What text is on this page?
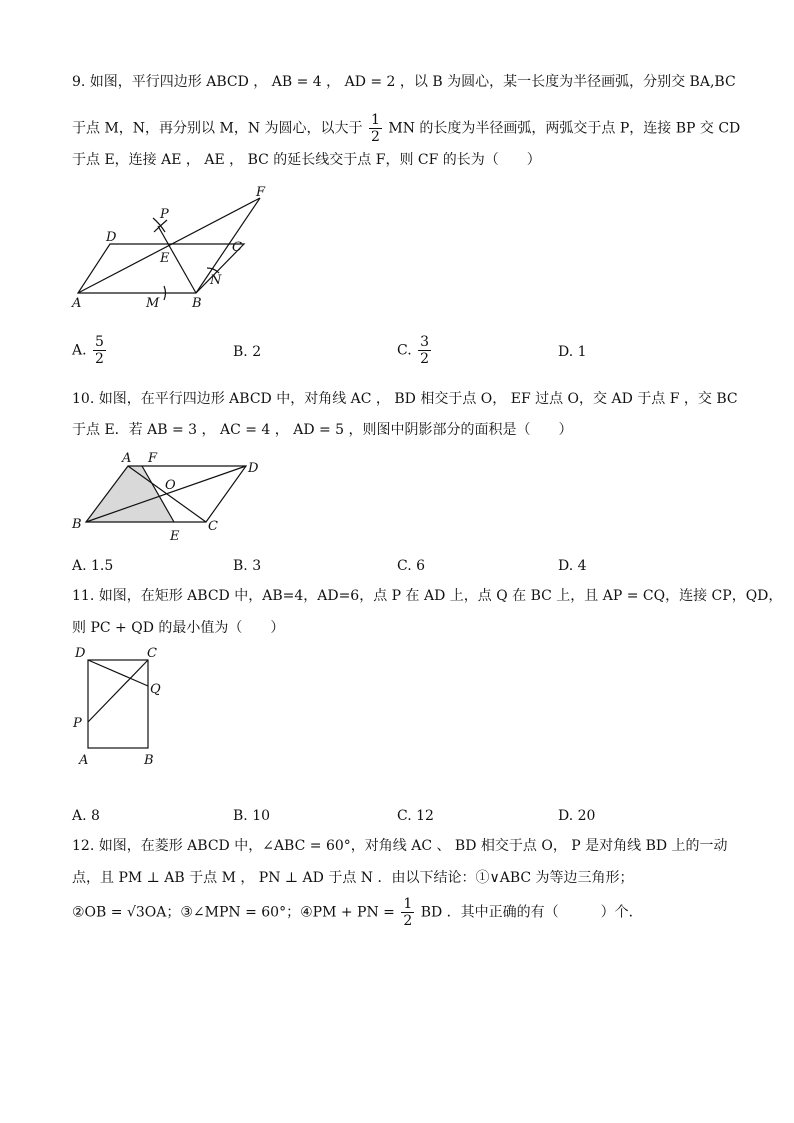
9. 如图，平行四边形 ABCD ， AB = 4 ， AD = 2 ，以 B 为圆心，某一长度为半径画弧，分别交 BA,BC
于点 M，N，再分别以 M，N 为圆心，以大于 $\frac{1}{2}$ MN 的长度为半径画弧，两弧交于点 P，连接 BP 交 CD
于点 E，连接 AE ， AE ， BC 的延长线交于点 F，则 CF 的长为（　　）
F
P
D
C
E
N
A	M	B
A. $\frac{5}{2}$	B. 2	C. $\frac{3}{2}$	D. 1
10. 如图，在平行四边形 ABCD 中，对角线 AC ， BD 相交于点 O， EF 过点 O，交 AD 于点 F ，交 BC
于点 E．若 AB = 3 ， AC = 4 ， AD = 5 ，则图中阴影部分的面积是（　　）
A F
D
O
B
E
C
A. 1.5	B. 3	C. 6	D. 4
11. 如图，在矩形 ABCD 中，AB=4，AD=6，点 P 在 AD 上，点 Q 在 BC 上，且 AP = CQ，连接 CP，QD，
则 PC + QD 的最小值为（　　）
D	C
Q
P
A	B
A. 8	B. 10	C. 12	D. 20
12. 如图，在菱形 ABCD 中，∠ABC = 60°，对角线 AC 、 BD 相交于点 O， P 是对角线 BD 上的一动
点，且 PM ⊥ AB 于点 M ， PN ⊥ AD 于点 N ．由以下结论：①∨ABC 为等边三角形；
②OB = √3OA；③∠MPN = 60°；④PM + PN = $\frac{1}{2}$ BD ．其中正确的有（　　　）个．
